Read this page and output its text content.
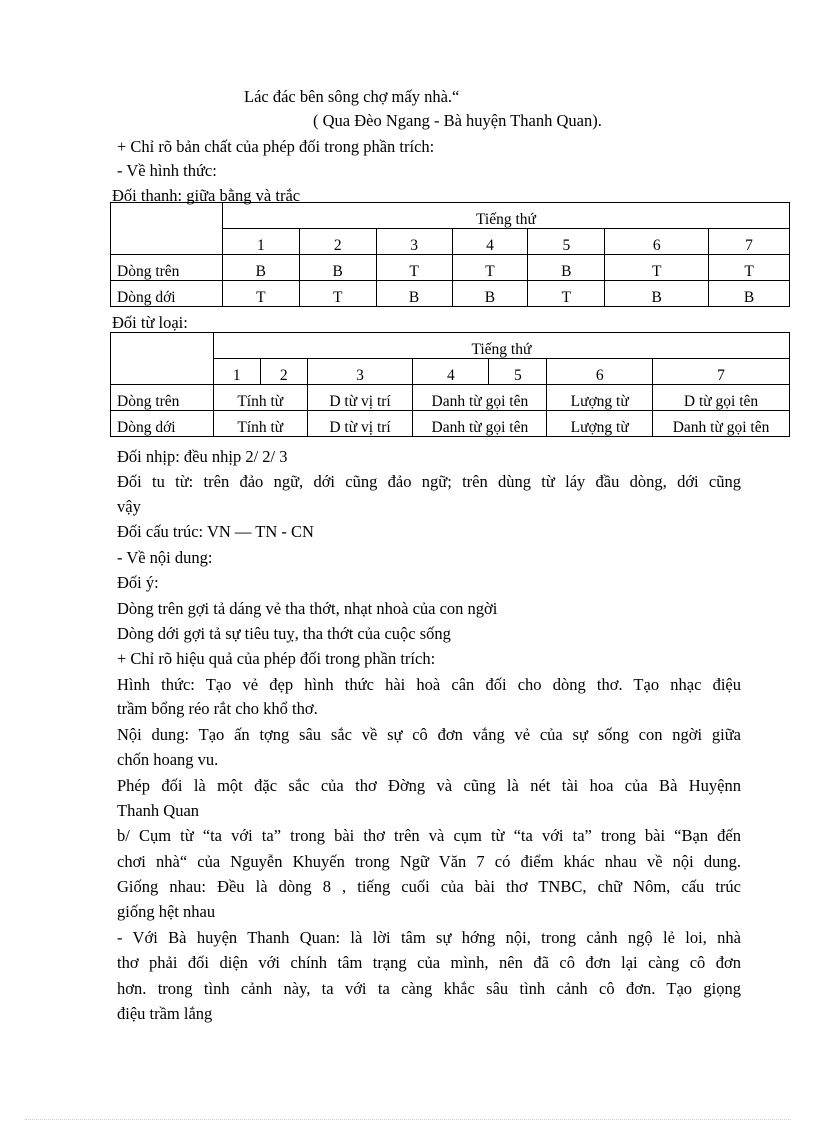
Lác đác bên sông chợ mấy nhà.“
( Qua Đèo Ngang - Bà huyện Thanh Quan).
+ Chỉ rõ bản chất của phép đối trong phần trích:
- Về hình thức:
Đối thanh: giữa bằng và trắc
	Tiếng thứ						
	1	2	3	4	5	6	7
Dòng trên	B	B	T	T	B	T	T
Dòng dới	T	T	B	B	T	B	B
Đối từ loại:
	Tiếng thứ						
	1	2	3	4	5	6	7
Dòng trên	Tính từ		D từ vị trí	Danh từ gọi tên		Lượng từ	D từ gọi tên
Dòng dới	Tính từ		D từ vị trí	Danh từ gọi tên		Lượng từ	Danh từ gọi tên
Đối nhịp: đều nhịp 2/ 2/ 3
Đối tu từ: trên đảo ngữ, dới cũng đảo ngữ; trên dùng từ láy đầu dòng, dới cũng
vậy
Đối cấu trúc: VN — TN - CN
- Về nội dung:
Đối ý:
Dòng trên gợi tả dáng vẻ tha thớt, nhạt nhoà của con ngời
Dòng dới gợi tả sự tiêu tuỵ, tha thớt của cuộc sống
+ Chỉ rõ hiệu quả của phép đối trong phần trích:
Hình thức: Tạo vẻ đẹp hình thức hài hoà cân đối cho dòng thơ. Tạo nhạc điệu
trầm bổng réo rắt cho khổ thơ.
Nội dung: Tạo ấn tợng sâu sắc về sự cô đơn vắng vẻ của sự sống con ngời giữa
chốn hoang vu.
Phép đối là một đặc sắc của thơ Đờng và cũng là nét tài hoa của Bà Huyệnn
Thanh Quan
b/ Cụm từ “ta với ta” trong bài thơ trên và cụm từ “ta với ta” trong bài “Bạn đến
chơi nhà“ của Nguyễn Khuyến trong Ngữ Văn 7 có điểm khác nhau về nội dung.
Giống nhau: Đều là dòng 8 , tiếng cuối của bài thơ TNBC, chữ Nôm, cấu trúc
giống hệt nhau
- Với Bà huyện Thanh Quan: là lời tâm sự hớng nội, trong cảnh ngộ lẻ loi, nhà
thơ phải đối diện với chính tâm trạng của mình, nên đã cô đơn lại càng cô đơn
hơn. trong tình cảnh này, ta với ta càng khắc sâu tình cảnh cô đơn. Tạo giọng
điệu trầm lắng
